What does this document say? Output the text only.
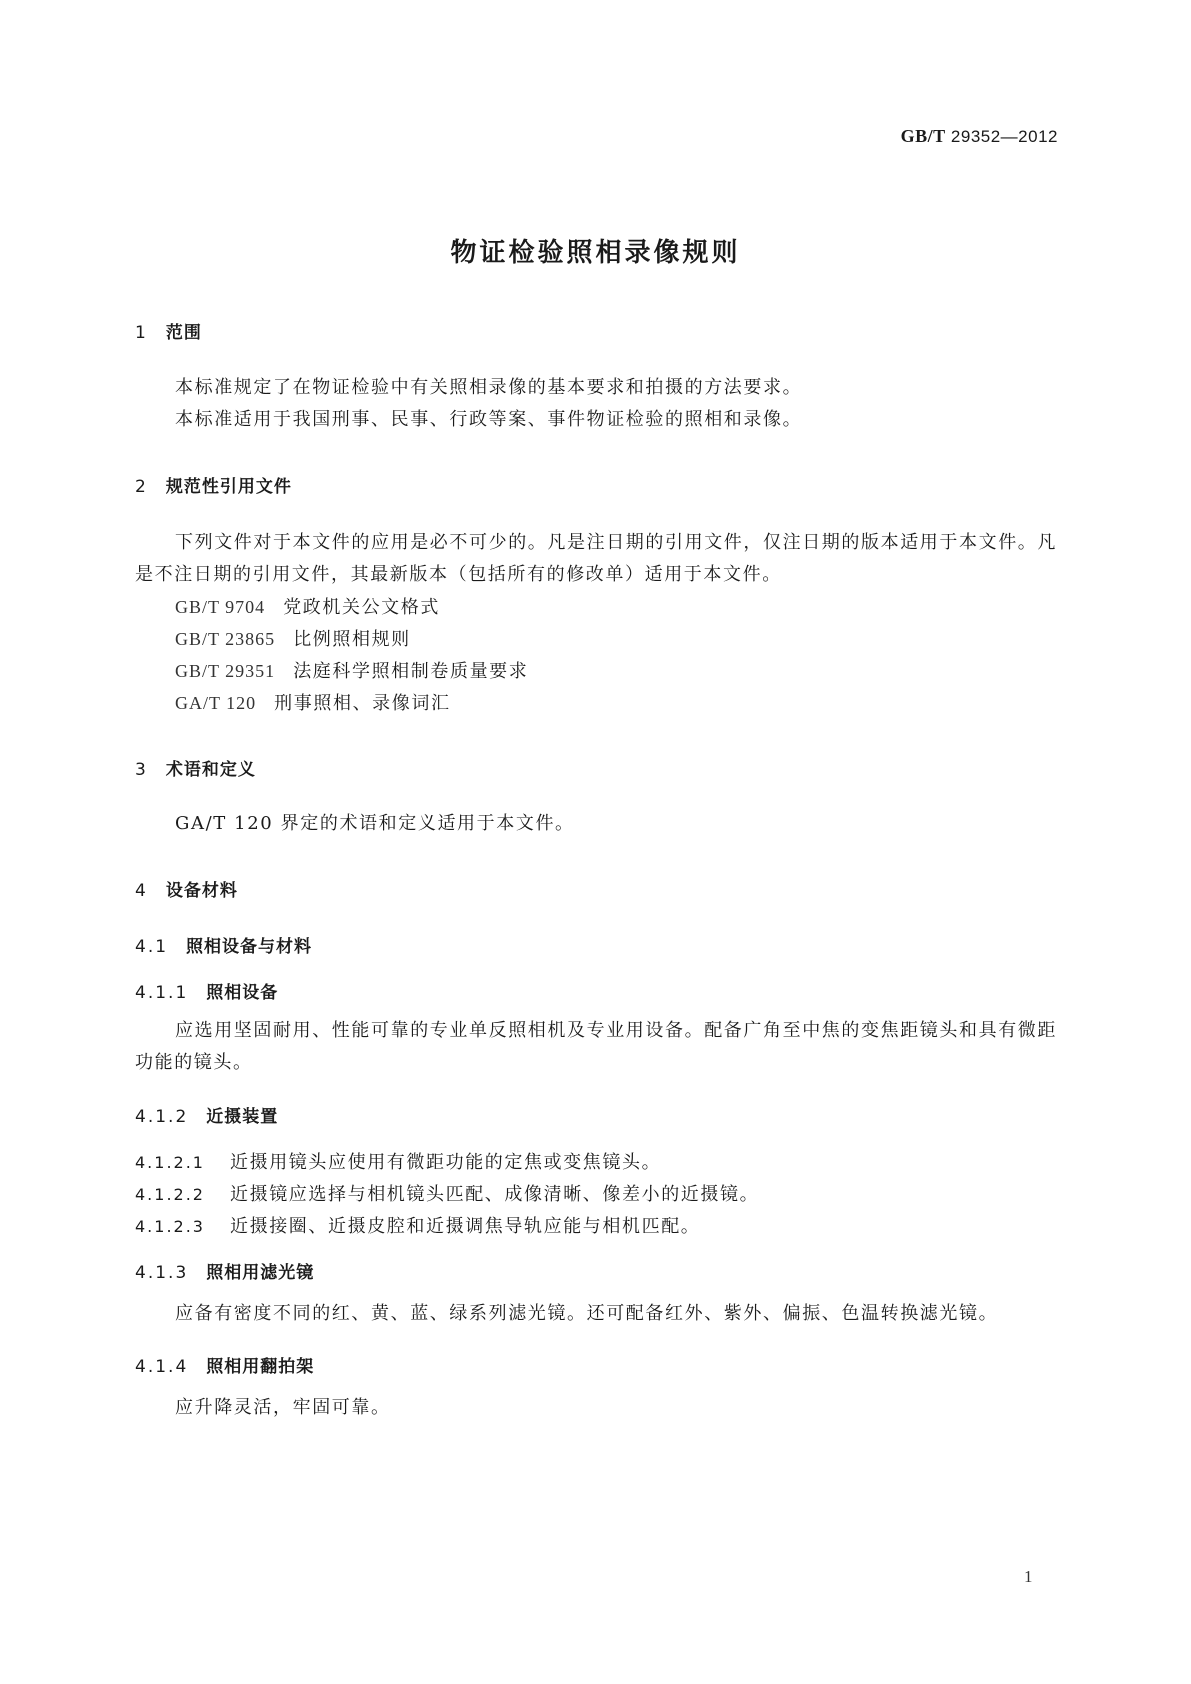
GB/T 29352—2012
物证检验照相录像规则
1 范围

本标准规定了在物证检验中有关照相录像的基本要求和拍摄的方法要求。

本标准适用于我国刑事、民事、行政等案、事件物证检验的照相和录像。

2 规范性引用文件

下列文件对于本文件的应用是必不可少的。凡是注日期的引用文件，仅注日期的版本适用于本文件。凡是不注日期的引用文件，其最新版本（包括所有的修改单）适用于本文件。

GB/T 9704 党政机关公文格式
GB/T 23865 比例照相规则
GB/T 29351 法庭科学照相制卷质量要求
GA/T 120 刑事照相、录像词汇
3 术语和定义

GA/T 120 界定的术语和定义适用于本文件。

4 设备材料
4.1 照相设备与材料
4.1.1 照相设备

应选用坚固耐用、性能可靠的专业单反照相机及专业用设备。配备广角至中焦的变焦距镜头和具有微距功能的镜头。

4.1.2 近摄装置
4.1.2.1 近摄用镜头应使用有微距功能的定焦或变焦镜头。
4.1.2.2 近摄镜应选择与相机镜头匹配、成像清晰、像差小的近摄镜。
4.1.2.3 近摄接圈、近摄皮腔和近摄调焦导轨应能与相机匹配。
4.1.3 照相用滤光镜

应备有密度不同的红、黄、蓝、绿系列滤光镜。还可配备红外、紫外、偏振、色温转换滤光镜。

4.1.4 照相用翻拍架

应升降灵活，牢固可靠。

1
